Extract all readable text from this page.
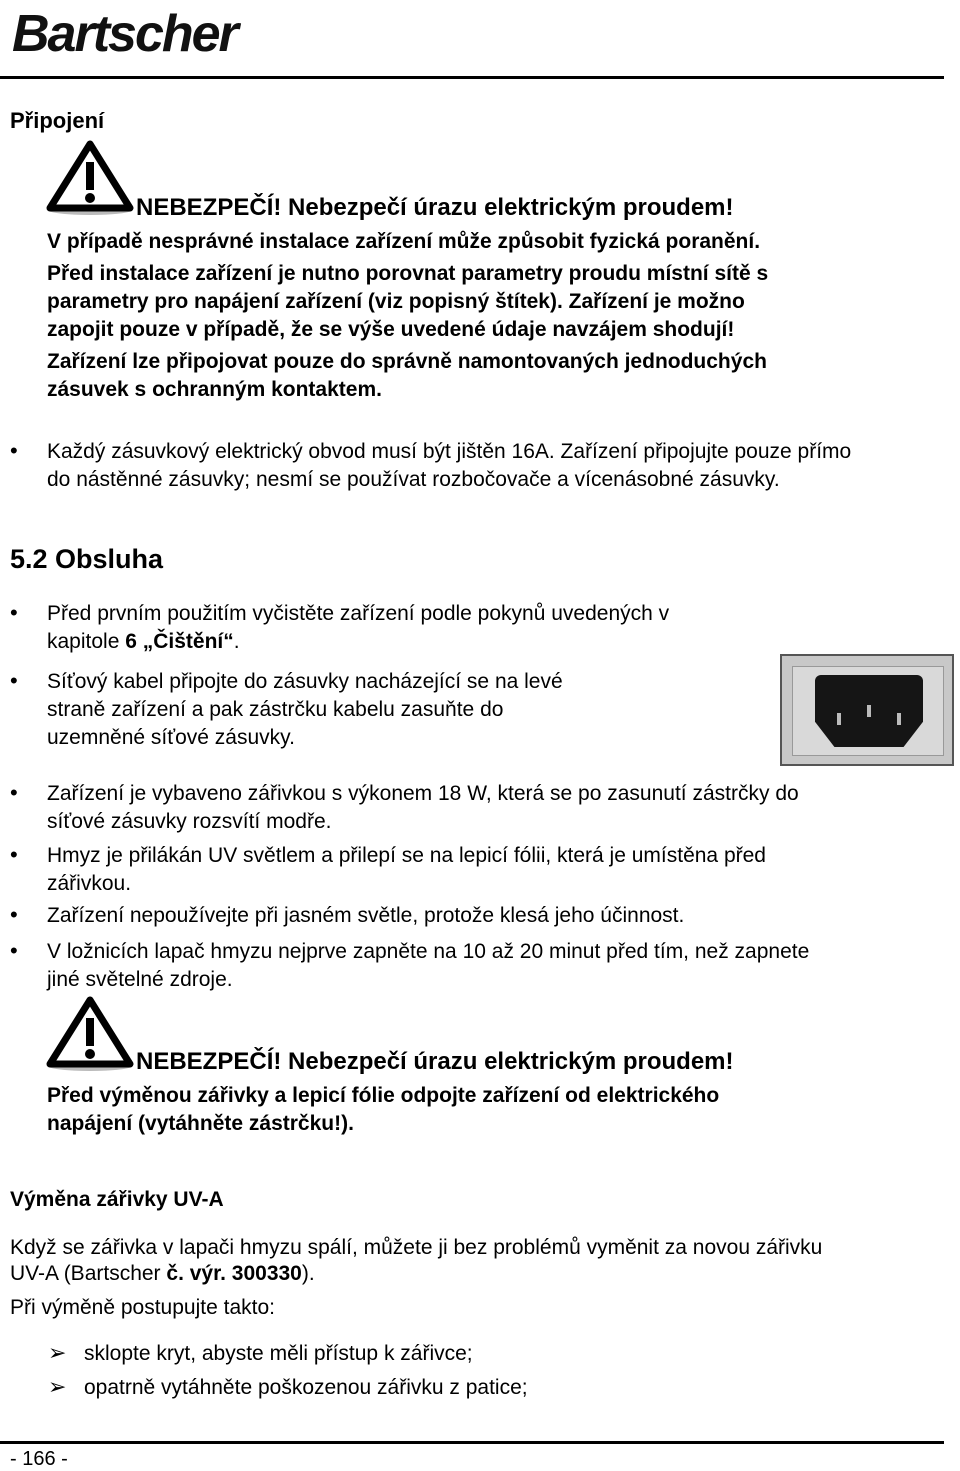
Bartscher
Připojení
NEBEZPEČÍ! Nebezpečí úrazu elektrickým proudem!
V případě nesprávné instalace zařízení může způsobit fyzická poranění.
Před instalace zařízení je nutno porovnat parametry proudu místní sítě s
parametry pro napájení zařízení (viz popisný štítek). Zařízení je možno
zapojit pouze v případě, že se výše uvedené údaje navzájem shodují!
Zařízení lze připojovat pouze do správně namontovaných jednoduchých
zásuvek s ochranným kontaktem.
• Každý zásuvkový elektrický obvod musí být jištěn 16A. Zařízení připojujte pouze přímo
do nástěnné zásuvky; nesmí se používat rozbočovače a vícenásobné zásuvky.
5.2 Obsluha
• Před prvním použitím vyčistěte zařízení podle pokynů uvedených v
kapitole 6 „Čištění“.
• Síťový kabel připojte do zásuvky nacházející se na levé
straně zařízení a pak zástrčku kabelu zasuňte do
uzemněné síťové zásuvky.
• Zařízení je vybaveno zářivkou s výkonem 18 W, která se po zasunutí zástrčky do
síťové zásuvky rozsvítí modře.
• Hmyz je přilákán UV světlem a přilepí se na lepicí fólii, která je umístěna před
zářivkou.
• Zařízení nepoužívejte při jasném světle, protože klesá jeho účinnost.
• V ložnicích lapač hmyzu nejprve zapněte na 10 až 20 minut před tím, než zapnete
jiné světelné zdroje.
NEBEZPEČÍ! Nebezpečí úrazu elektrickým proudem!
Před výměnou zářivky a lepicí fólie odpojte zařízení od elektrického
napájení (vytáhněte zástrčku!).
Výměna zářivky UV-A
Když se zářivka v lapači hmyzu spálí, můžete ji bez problémů vyměnit za novou zářivku
UV-A (Bartscher č. výr. 300330).
Při výměně postupujte takto:
➢ sklopte kryt, abyste měli přístup k zářivce;
➢ opatrně vytáhněte poškozenou zářivku z patice;
- 166 -
